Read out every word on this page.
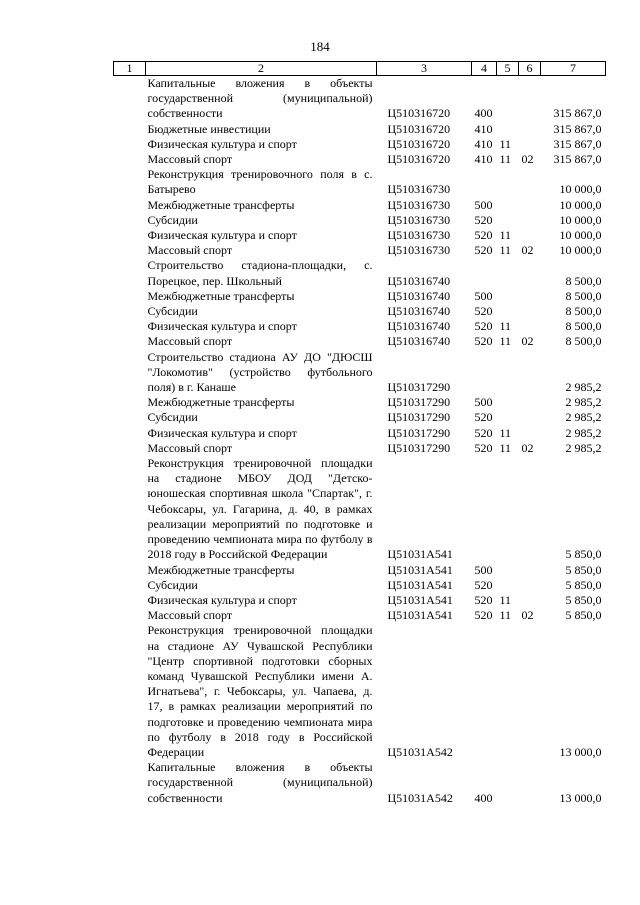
184
1	2	3	4	5	6	7
	Капитальные вложения в объекты государственной (муниципальной) собственности	Ц510316720	400			315 867,0
	Бюджетные инвестиции	Ц510316720	410			315 867,0
	Физическая культура и спорт	Ц510316720	410	11		315 867,0
	Массовый спорт	Ц510316720	410	11	02	315 867,0
	Реконструкция тренировочного поля в с. Батырево	Ц510316730				10 000,0
	Межбюджетные трансферты	Ц510316730	500			10 000,0
	Субсидии	Ц510316730	520			10 000,0
	Физическая культура и спорт	Ц510316730	520	11		10 000,0
	Массовый спорт	Ц510316730	520	11	02	10 000,0
	Строительство стадиона-площадки, с. Порецкое, пер. Школьный	Ц510316740				8 500,0
	Межбюджетные трансферты	Ц510316740	500			8 500,0
	Субсидии	Ц510316740	520			8 500,0
	Физическая культура и спорт	Ц510316740	520	11		8 500,0
	Массовый спорт	Ц510316740	520	11	02	8 500,0
	Строительство стадиона АУ ДО "ДЮСШ "Локомотив" (устройство футбольного поля) в г. Канаше	Ц510317290				2 985,2
	Межбюджетные трансферты	Ц510317290	500			2 985,2
	Субсидии	Ц510317290	520			2 985,2
	Физическая культура и спорт	Ц510317290	520	11		2 985,2
	Массовый спорт	Ц510317290	520	11	02	2 985,2
	Реконструкция тренировочной площадки на стадионе МБОУ ДОД "Детско-юношеская спортивная школа "Спартак", г. Чебоксары, ул. Гагарина, д. 40, в рамках реализации мероприятий по подготовке и проведению чемпионата мира по футболу в 2018 году в Российской Федерации	Ц51031А541				5 850,0
	Межбюджетные трансферты	Ц51031А541	500			5 850,0
	Субсидии	Ц51031А541	520			5 850,0
	Физическая культура и спорт	Ц51031А541	520	11		5 850,0
	Массовый спорт	Ц51031А541	520	11	02	5 850,0
	Реконструкция тренировочной площадки на стадионе АУ Чувашской Республики "Центр спортивной подготовки сборных команд Чувашской Республики имени А. Игнатьева", г. Чебоксары, ул. Чапаева, д. 17, в рамках реализации мероприятий по подготовке и проведению чемпионата мира по футболу в 2018 году в Российской Федерации	Ц51031А542				13 000,0
	Капитальные вложения в объекты государственной (муниципальной) собственности	Ц51031А542	400			13 000,0
